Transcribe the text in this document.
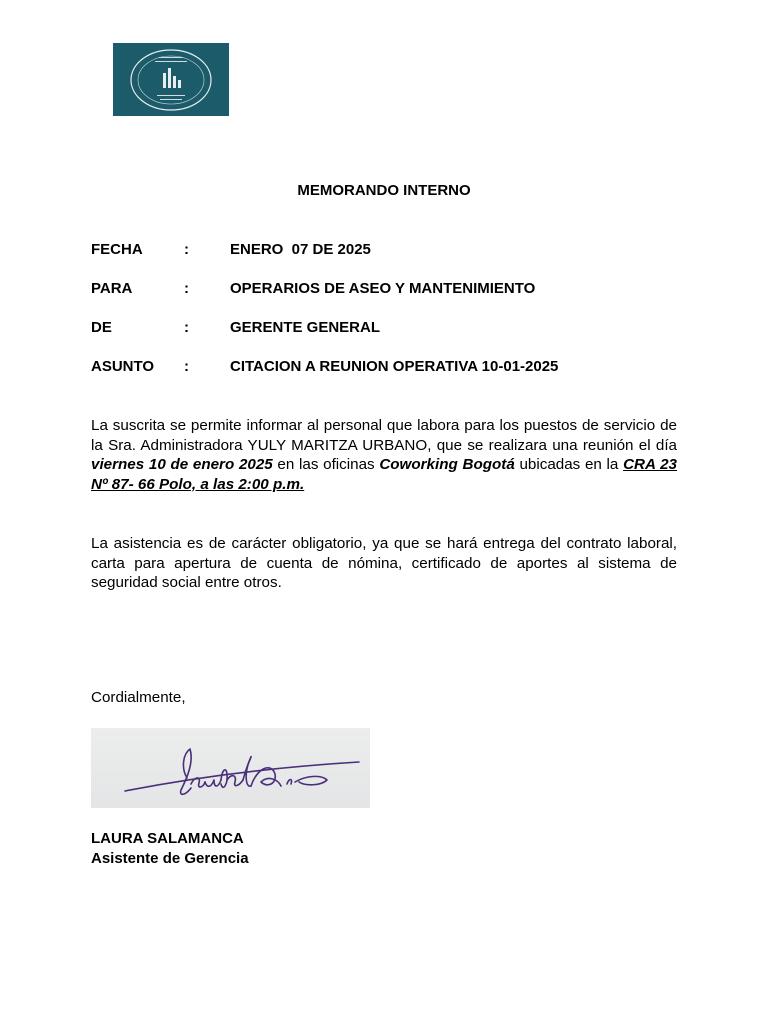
MEMORANDO INTERNO
FECHA	:	ENERO  07 DE 2025
PARA	:	OPERARIOS DE ASEO Y MANTENIMIENTO
DE	:	GERENTE GENERAL
ASUNTO :	CITACION A REUNION OPERATIVA 10-01-2025
La suscrita se permite informar al personal que labora para los puestos de servicio de la Sra. Administradora YULY MARITZA URBANO, que se realizara una reunión el día viernes 10 de enero 2025 en las oficinas Coworking Bogotá ubicadas en la CRA 23 Nº 87- 66 Polo, a las 2:00 p.m.
La asistencia es de carácter obligatorio, ya que se hará entrega del contrato laboral, carta para apertura de cuenta de nómina, certificado de aportes al sistema de seguridad social entre otros.
Cordialmente,
LAURA SALAMANCA
Asistente de Gerencia
